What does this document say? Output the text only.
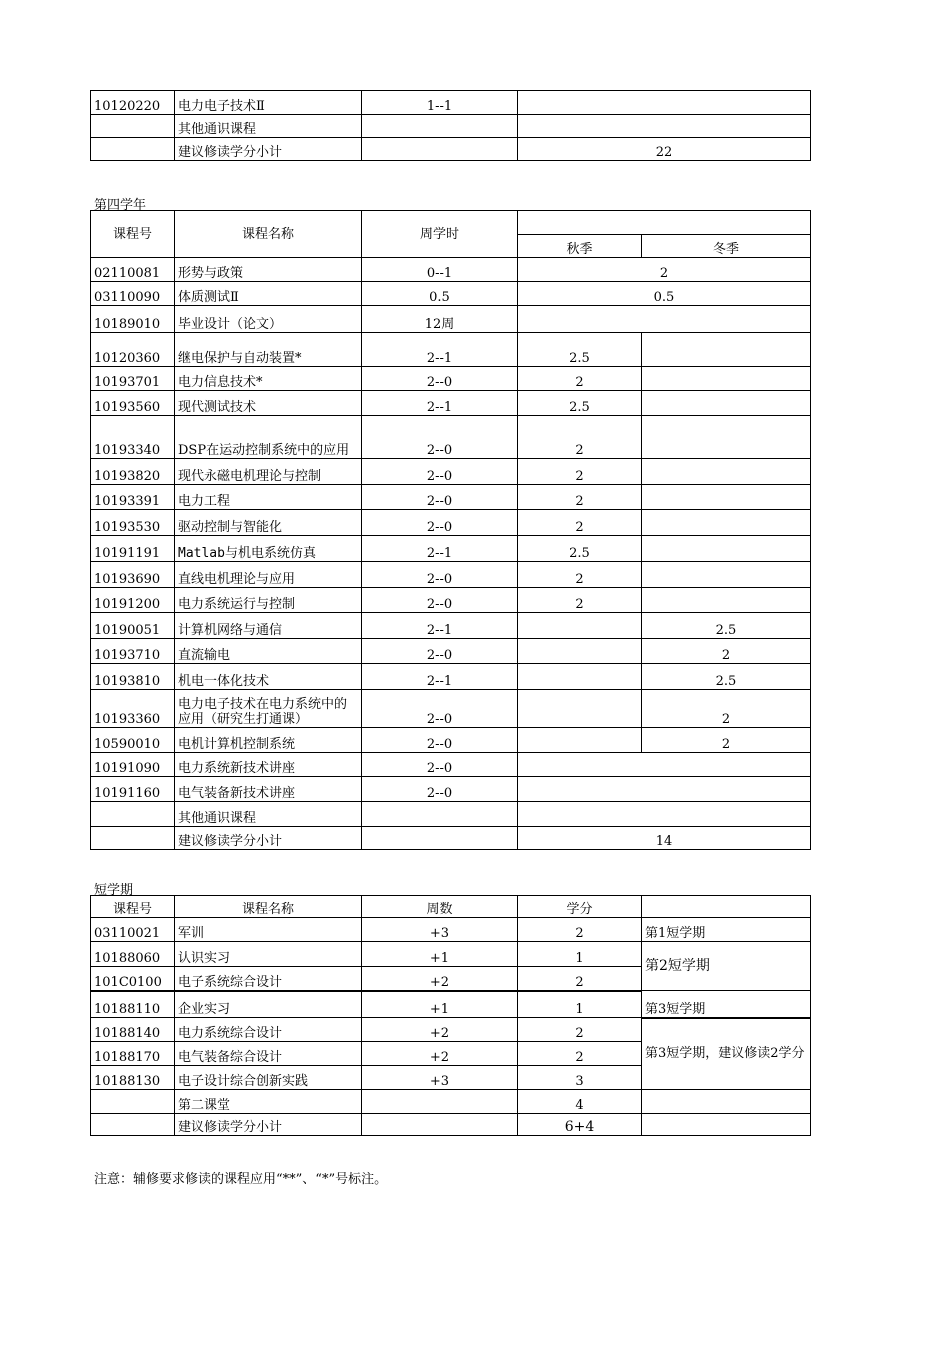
10120220	电力电子技术Ⅱ	1--1	
	其他通识课程		
	建议修读学分小计		22
第四学年
课程号	课程名称	周学时		
			秋季	冬季
02110081	形势与政策	0--1	2	
03110090	体质测试Ⅱ	0.5	0.5	
10189010	毕业设计（论文）	12周		
10120360	继电保护与自动装置*	2--1	2.5	
10193701	电力信息技术*	2--0	2	
10193560	现代测试技术	2--1	2.5	
10193340	DSP在运动控制系统中的应用	2--0	2	
10193820	现代永磁电机理论与控制	2--0	2	
10193391	电力工程	2--0	2	
10193530	驱动控制与智能化	2--0	2	
10191191	Matlab与机电系统仿真	2--1	2.5	
10193690	直线电机理论与应用	2--0	2	
10191200	电力系统运行与控制	2--0	2	
10190051	计算机网络与通信	2--1		2.5
10193710	直流输电	2--0		2
10193810	机电一体化技术	2--1		2.5
10193360	电力电子技术在电力系统中的应用（研究生打通课）	2--0		2
10590010	电机计算机控制系统	2--0		2
10191090	电力系统新技术讲座	2--0		
10191160	电气装备新技术讲座	2--0		
	其他通识课程			
	建议修读学分小计		14	
短学期
课程号	课程名称	周数	学分	
03110021	军训	+3	2	第1短学期
10188060	认识实习	+1	1	第2短学期
101C0100	电子系统综合设计	+2	2	
10188110	企业实习	+1	1	第3短学期
10188140	电力系统综合设计	+2	2	第3短学期，建议修读2学分
10188170	电气装备综合设计	+2	2	
10188130	电子设计综合创新实践	+3	3	
	第二课堂		4	
	建议修读学分小计		6+4	
注意：辅修要求修读的课程应用“**”、“*”号标注。
